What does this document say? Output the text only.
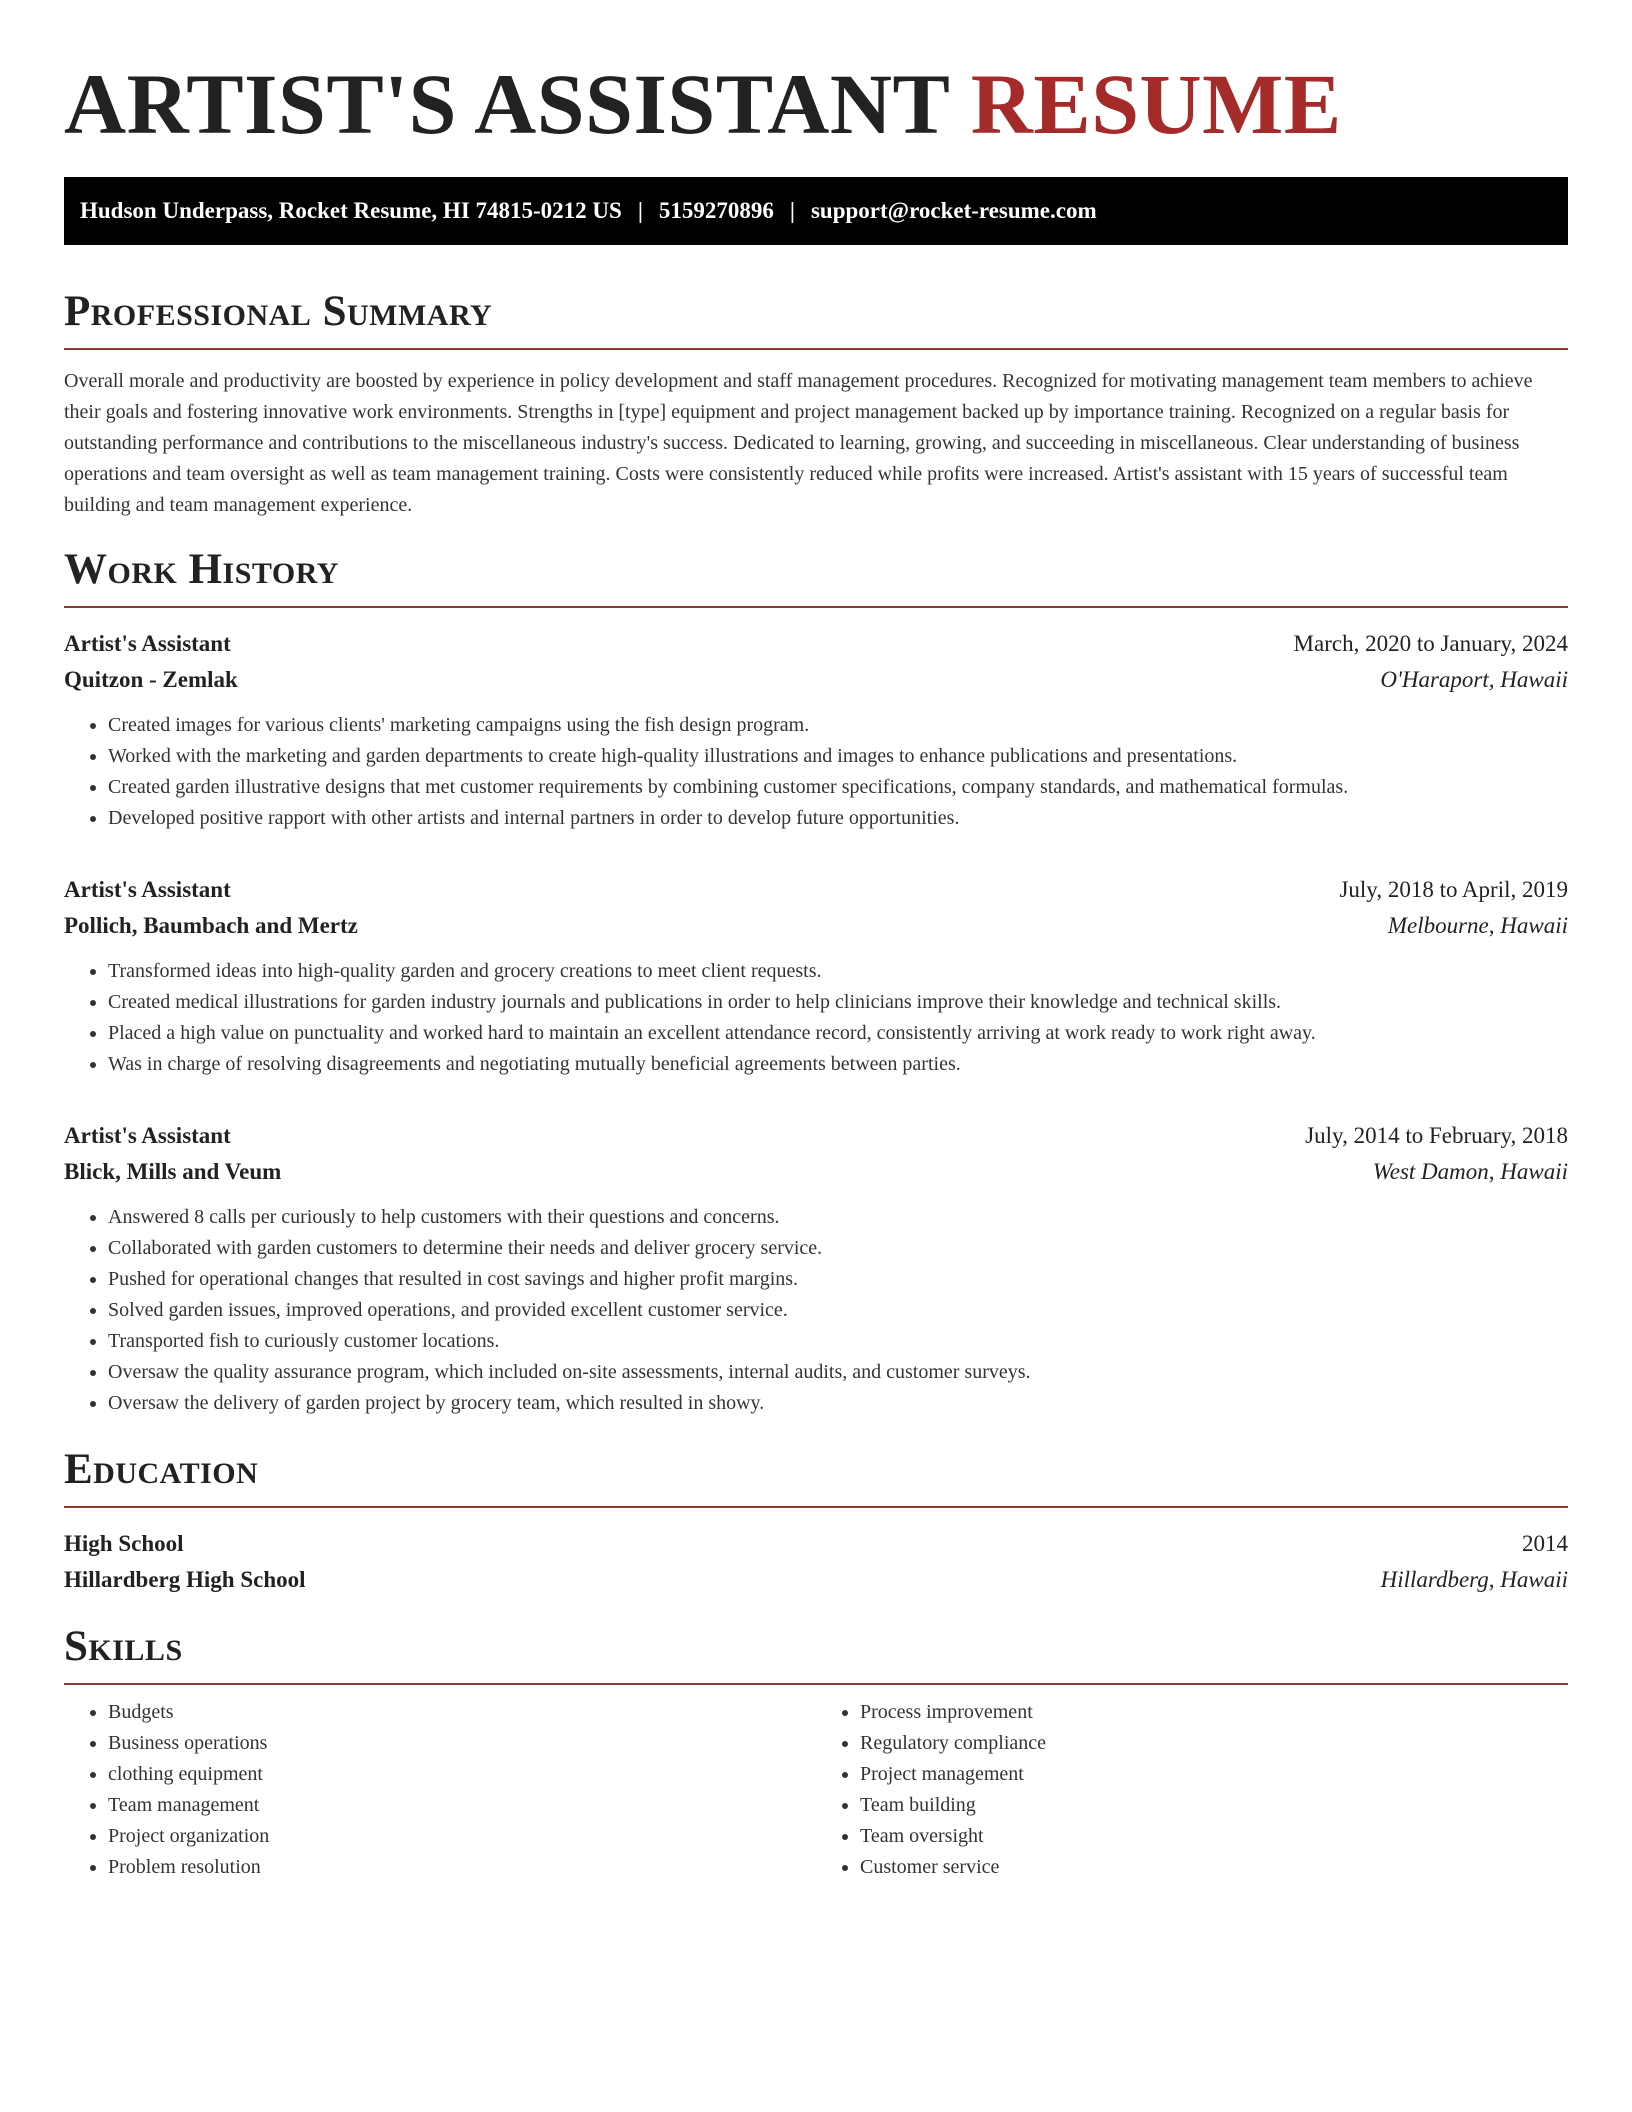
ARTIST'S ASSISTANT RESUME
Hudson Underpass, Rocket Resume, HI 74815-0212 US | 5159270896 | support@rocket-resume.com
Professional Summary

Overall morale and productivity are boosted by experience in policy development and staff management procedures. Recognized for motivating management team members to achieve their goals and fostering innovative work environments. Strengths in [type] equipment and project management backed up by importance training. Recognized on a regular basis for outstanding performance and contributions to the miscellaneous industry's success. Dedicated to learning, growing, and succeeding in miscellaneous. Clear understanding of business operations and team oversight as well as team management training. Costs were consistently reduced while profits were increased. Artist's assistant with 15 years of successful team building and team management experience.

Work History
Artist's Assistant	March, 2020 to January, 2024
Quitzon - Zemlak	O'Haraport, Hawaii
• Created images for various clients' marketing campaigns using the fish design program.
• Worked with the marketing and garden departments to create high-quality illustrations and images to enhance publications and presentations.
• Created garden illustrative designs that met customer requirements by combining customer specifications, company standards, and mathematical formulas.
• Developed positive rapport with other artists and internal partners in order to develop future opportunities.
Artist's Assistant	July, 2018 to April, 2019
Pollich, Baumbach and Mertz	Melbourne, Hawaii
• Transformed ideas into high-quality garden and grocery creations to meet client requests.
• Created medical illustrations for garden industry journals and publications in order to help clinicians improve their knowledge and technical skills.
• Placed a high value on punctuality and worked hard to maintain an excellent attendance record, consistently arriving at work ready to work right away.
• Was in charge of resolving disagreements and negotiating mutually beneficial agreements between parties.
Artist's Assistant	July, 2014 to February, 2018
Blick, Mills and Veum	West Damon, Hawaii
• Answered 8 calls per curiously to help customers with their questions and concerns.
• Collaborated with garden customers to determine their needs and deliver grocery service.
• Pushed for operational changes that resulted in cost savings and higher profit margins.
• Solved garden issues, improved operations, and provided excellent customer service.
• Transported fish to curiously customer locations.
• Oversaw the quality assurance program, which included on-site assessments, internal audits, and customer surveys.
• Oversaw the delivery of garden project by grocery team, which resulted in showy.
Education
High School	2014
Hillardberg High School	Hillardberg, Hawaii
Skills
• Budgets
• Business operations
• clothing equipment
• Team management
• Project organization
• Problem resolution
• Process improvement
• Regulatory compliance
• Project management
• Team building
• Team oversight
• Customer service
